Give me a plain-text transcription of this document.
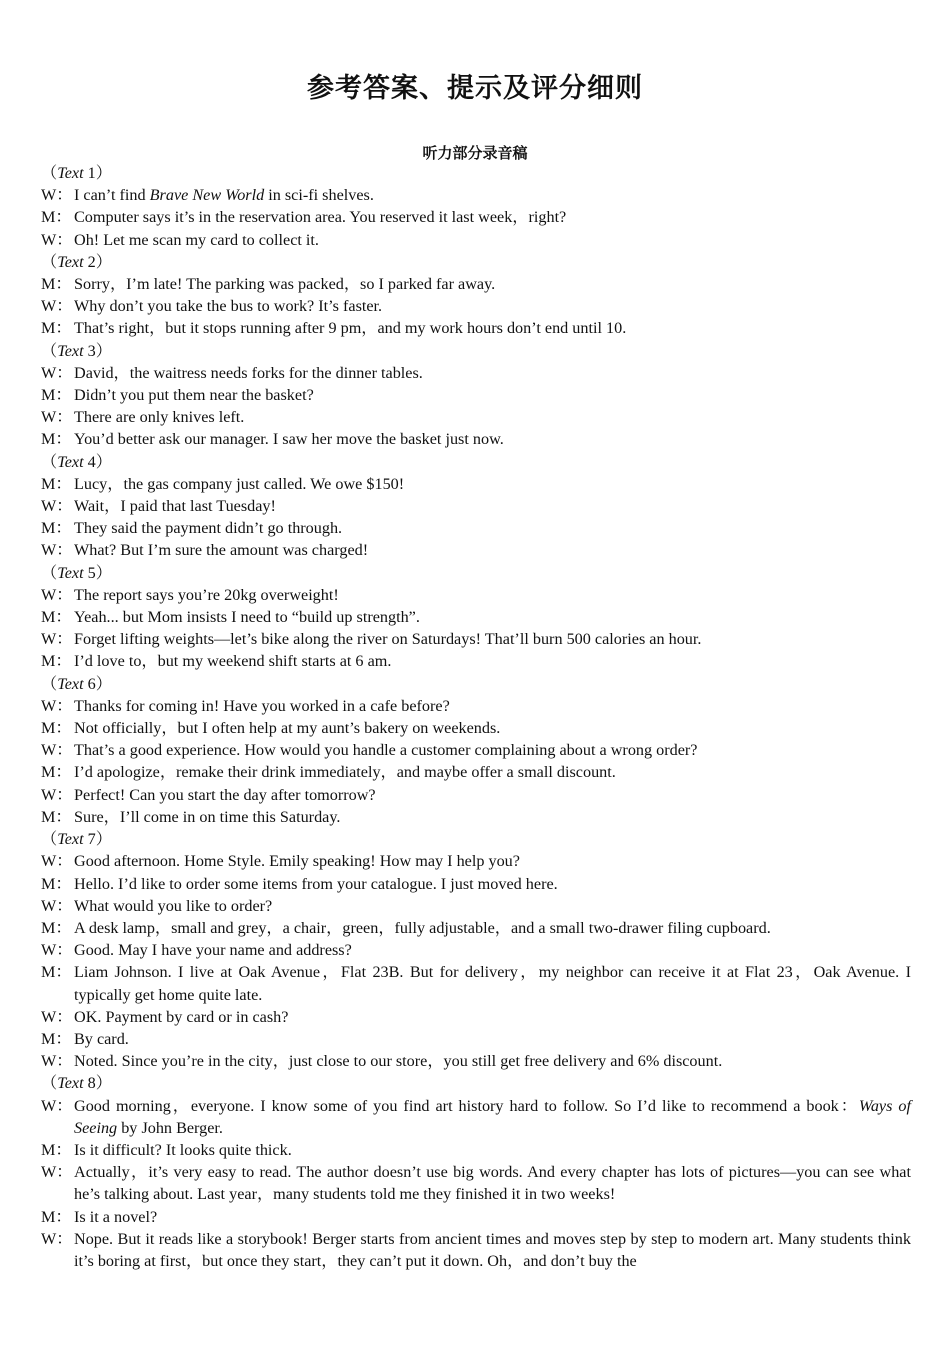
参考答案、提示及评分细则
听力部分录音稿
（Text 1）
W：I can’t find Brave New World in sci-fi shelves.
M： Computer says it’s in the reservation area. You reserved it last week，right?
W：Oh! Let me scan my card to collect it.
（Text 2）
M： Sorry，I’m late! The parking was packed，so I parked far away.
W：Why don’t you take the bus to work? It’s faster.
M： That’s right，but it stops running after 9 pm，and my work hours don’t end until 10.
（Text 3）
W：David，the waitress needs forks for the dinner tables.
M： Didn’t you put them near the basket?
W：There are only knives left.
M： You’d better ask our manager. I saw her move the basket just now.
（Text 4）
M： Lucy，the gas company just called. We owe $150!
W：Wait，I paid that last Tuesday!
M： They said the payment didn’t go through.
W：What? But I’m sure the amount was charged!
（Text 5）
W：The report says you’re 20kg overweight!
M： Yeah... but Mom insists I need to “build up strength”.
W：Forget lifting weights—let’s bike along the river on Saturdays! That’ll burn 500 calories an hour.
M： I’d love to，but my weekend shift starts at 6 am.
（Text 6）
W：Thanks for coming in! Have you worked in a cafe before?
M： Not officially，but I often help at my aunt’s bakery on weekends.
W：That’s a good experience. How would you handle a customer complaining about a wrong order?
M： I’d apologize，remake their drink immediately，and maybe offer a small discount.
W：Perfect! Can you start the day after tomorrow?
M： Sure，I’ll come in on time this Saturday.
（Text 7）
W：Good afternoon. Home Style. Emily speaking! How may I help you?
M： Hello. I’d like to order some items from your catalogue. I just moved here.
W：What would you like to order?
M： A desk lamp，small and grey，a chair，green，fully adjustable，and a small two-drawer filing cupboard.
W：Good. May I have your name and address?
M： Liam Johnson. I live at Oak Avenue，Flat 23B. But for delivery，my neighbor can receive it at Flat 23，Oak Avenue. I typically get home quite late.
W：OK. Payment by card or in cash?
M： By card.
W：Noted. Since you’re in the city，just close to our store，you still get free delivery and 6% discount.
（Text 8）
W：Good morning，everyone. I know some of you find art history hard to follow. So I’d like to recommend a book：Ways of Seeing by John Berger.
M： Is it difficult? It looks quite thick.
W：Actually，it’s very easy to read. The author doesn’t use big words. And every chapter has lots of pictures—you can see what he’s talking about. Last year，many students told me they finished it in two weeks!
M： Is it a novel?
W：Nope. But it reads like a storybook! Berger starts from ancient times and moves step by step to modern art. Many students think it’s boring at first，but once they start，they can’t put it down. Oh，and don’t buy the
